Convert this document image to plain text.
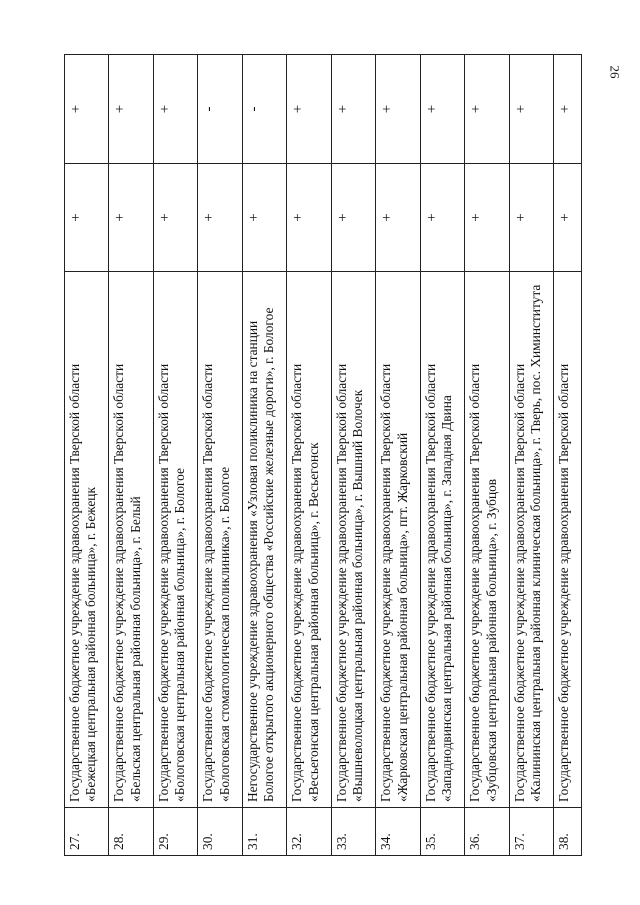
26
27.	Государственное бюджетное учреждение здравоохранения Тверской области «Бежецкая центральная районная больница», г. Бежецк	+	+
28.	Государственное бюджетное учреждение здравоохранения Тверской области «Бельская центральная районная больница», г. Белый	+	+
29.	Государственное бюджетное учреждение здравоохранения Тверской области «Бологовская центральная районная больница», г. Бологое	+	+
30.	Государственное бюджетное учреждение здравоохранения Тверской области «Бологовская стоматологическая поликлиника», г. Бологое	+	-
31.	Негосударственное учреждение здравоохранения «Узловая поликлиника на станции Бологое открытого акционерного общества «Российские железные дороги», г. Бологое	+	-
32.	Государственное бюджетное учреждение здравоохранения Тверской области «Весьегонская центральная районная больница», г. Весьегонск	+	+
33.	Государственное бюджетное учреждение здравоохранения Тверской области «Вышневолоцкая центральная районная больница», г. Вышний Волочек	+	+
34.	Государственное бюджетное учреждение здравоохранения Тверской области «Жарковская центральная районная больница», пгт. Жарковский	+	+
35.	Государственное бюджетное учреждение здравоохранения Тверской области «Западнодвинская центральная районная больница», г. Западная Двина	+	+
36.	Государственное бюджетное учреждение здравоохранения Тверской области «Зубцовская центральная районная больница», г. Зубцов	+	+
37.	Государственное бюджетное учреждение здравоохранения Тверской области «Калининская центральная районная клиническая больница», г. Тверь, пос. Химинститута	+	+
38.	Государственное бюджетное учреждение здравоохранения Тверской области	+	+
